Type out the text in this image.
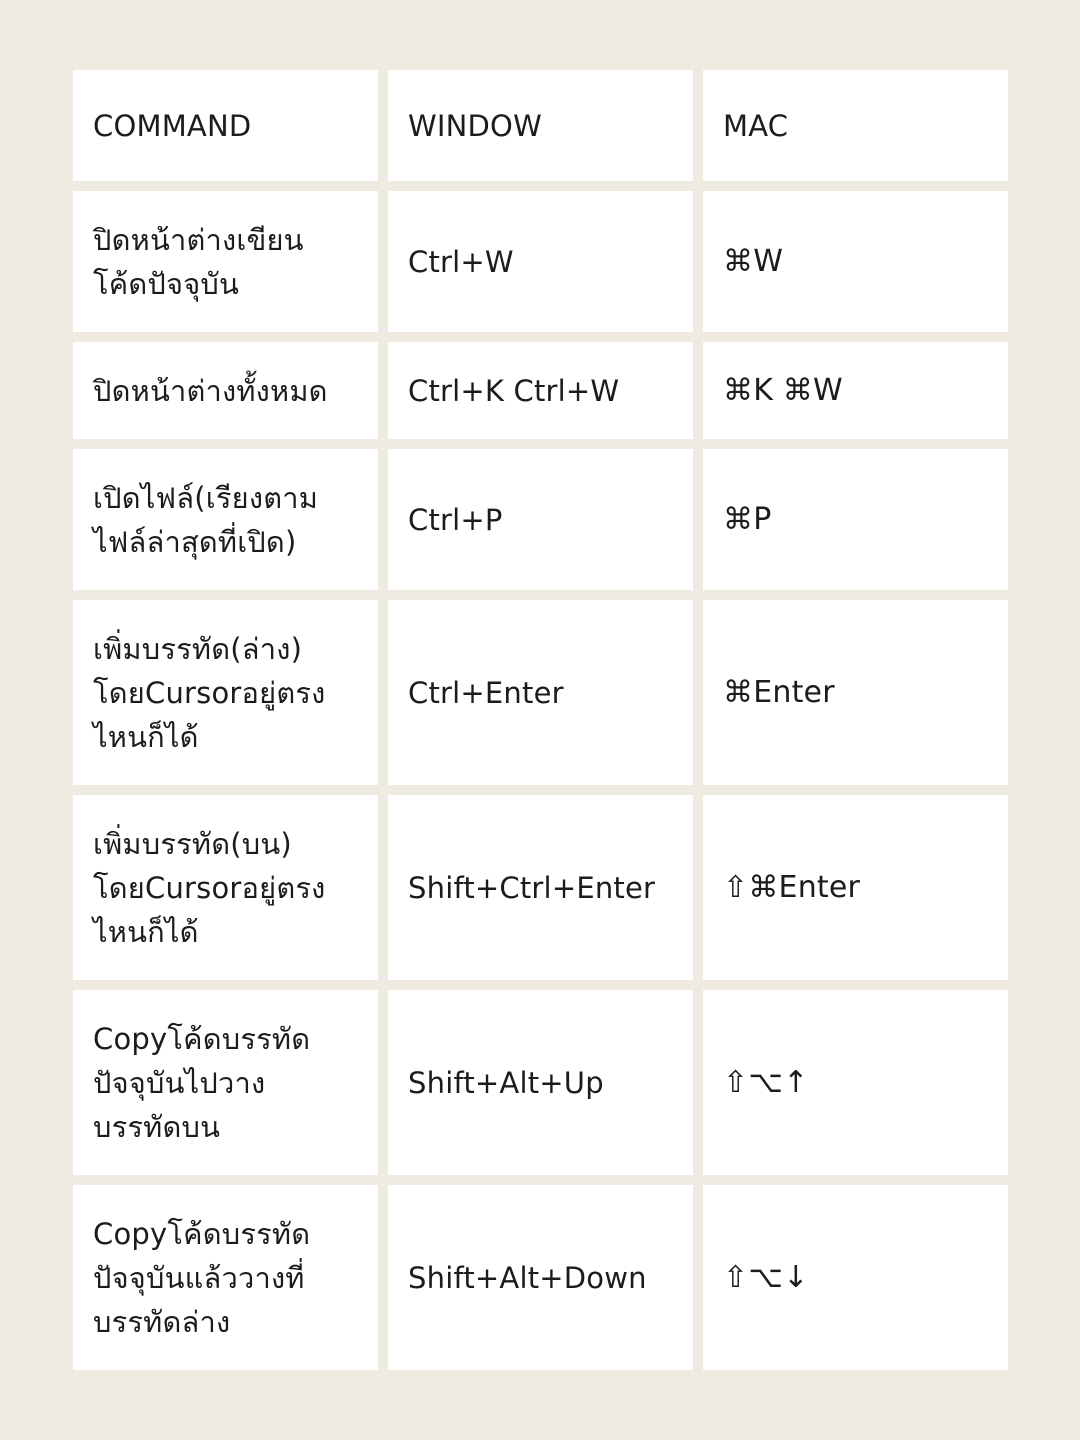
COMMAND	WINDOW	MAC
ปิดหน้าต่างเขียน
โค้ดปัจจุบัน
Ctrl+W	⌘W
ปิดหน้าต่างทั้งหมด	Ctrl+K Ctrl+W	⌘K ⌘W
เปิดไฟล์(เรียงตาม
ไฟล์ล่าสุดที่เปิด)
Ctrl+P	⌘P
เพิ่มบรรทัด(ล่าง)
โดยCursorอยู่ตรง
ไหนก็ได้
Ctrl+Enter	⌘Enter
เพิ่มบรรทัด(บน)
โดยCursorอยู่ตรง
ไหนก็ได้
Shift+Ctrl+Enter ⇧⌘Enter
Copyโค้ดบรรทัด
ปัจจุบันไปวาง
บรรทัดบน
Shift+Alt+Up	⇧⌥↑
Copyโค้ดบรรทัด
ปัจจุบันแล้ววางที่
บรรทัดล่าง
Shift+Alt+Down	⇧⌥↓
